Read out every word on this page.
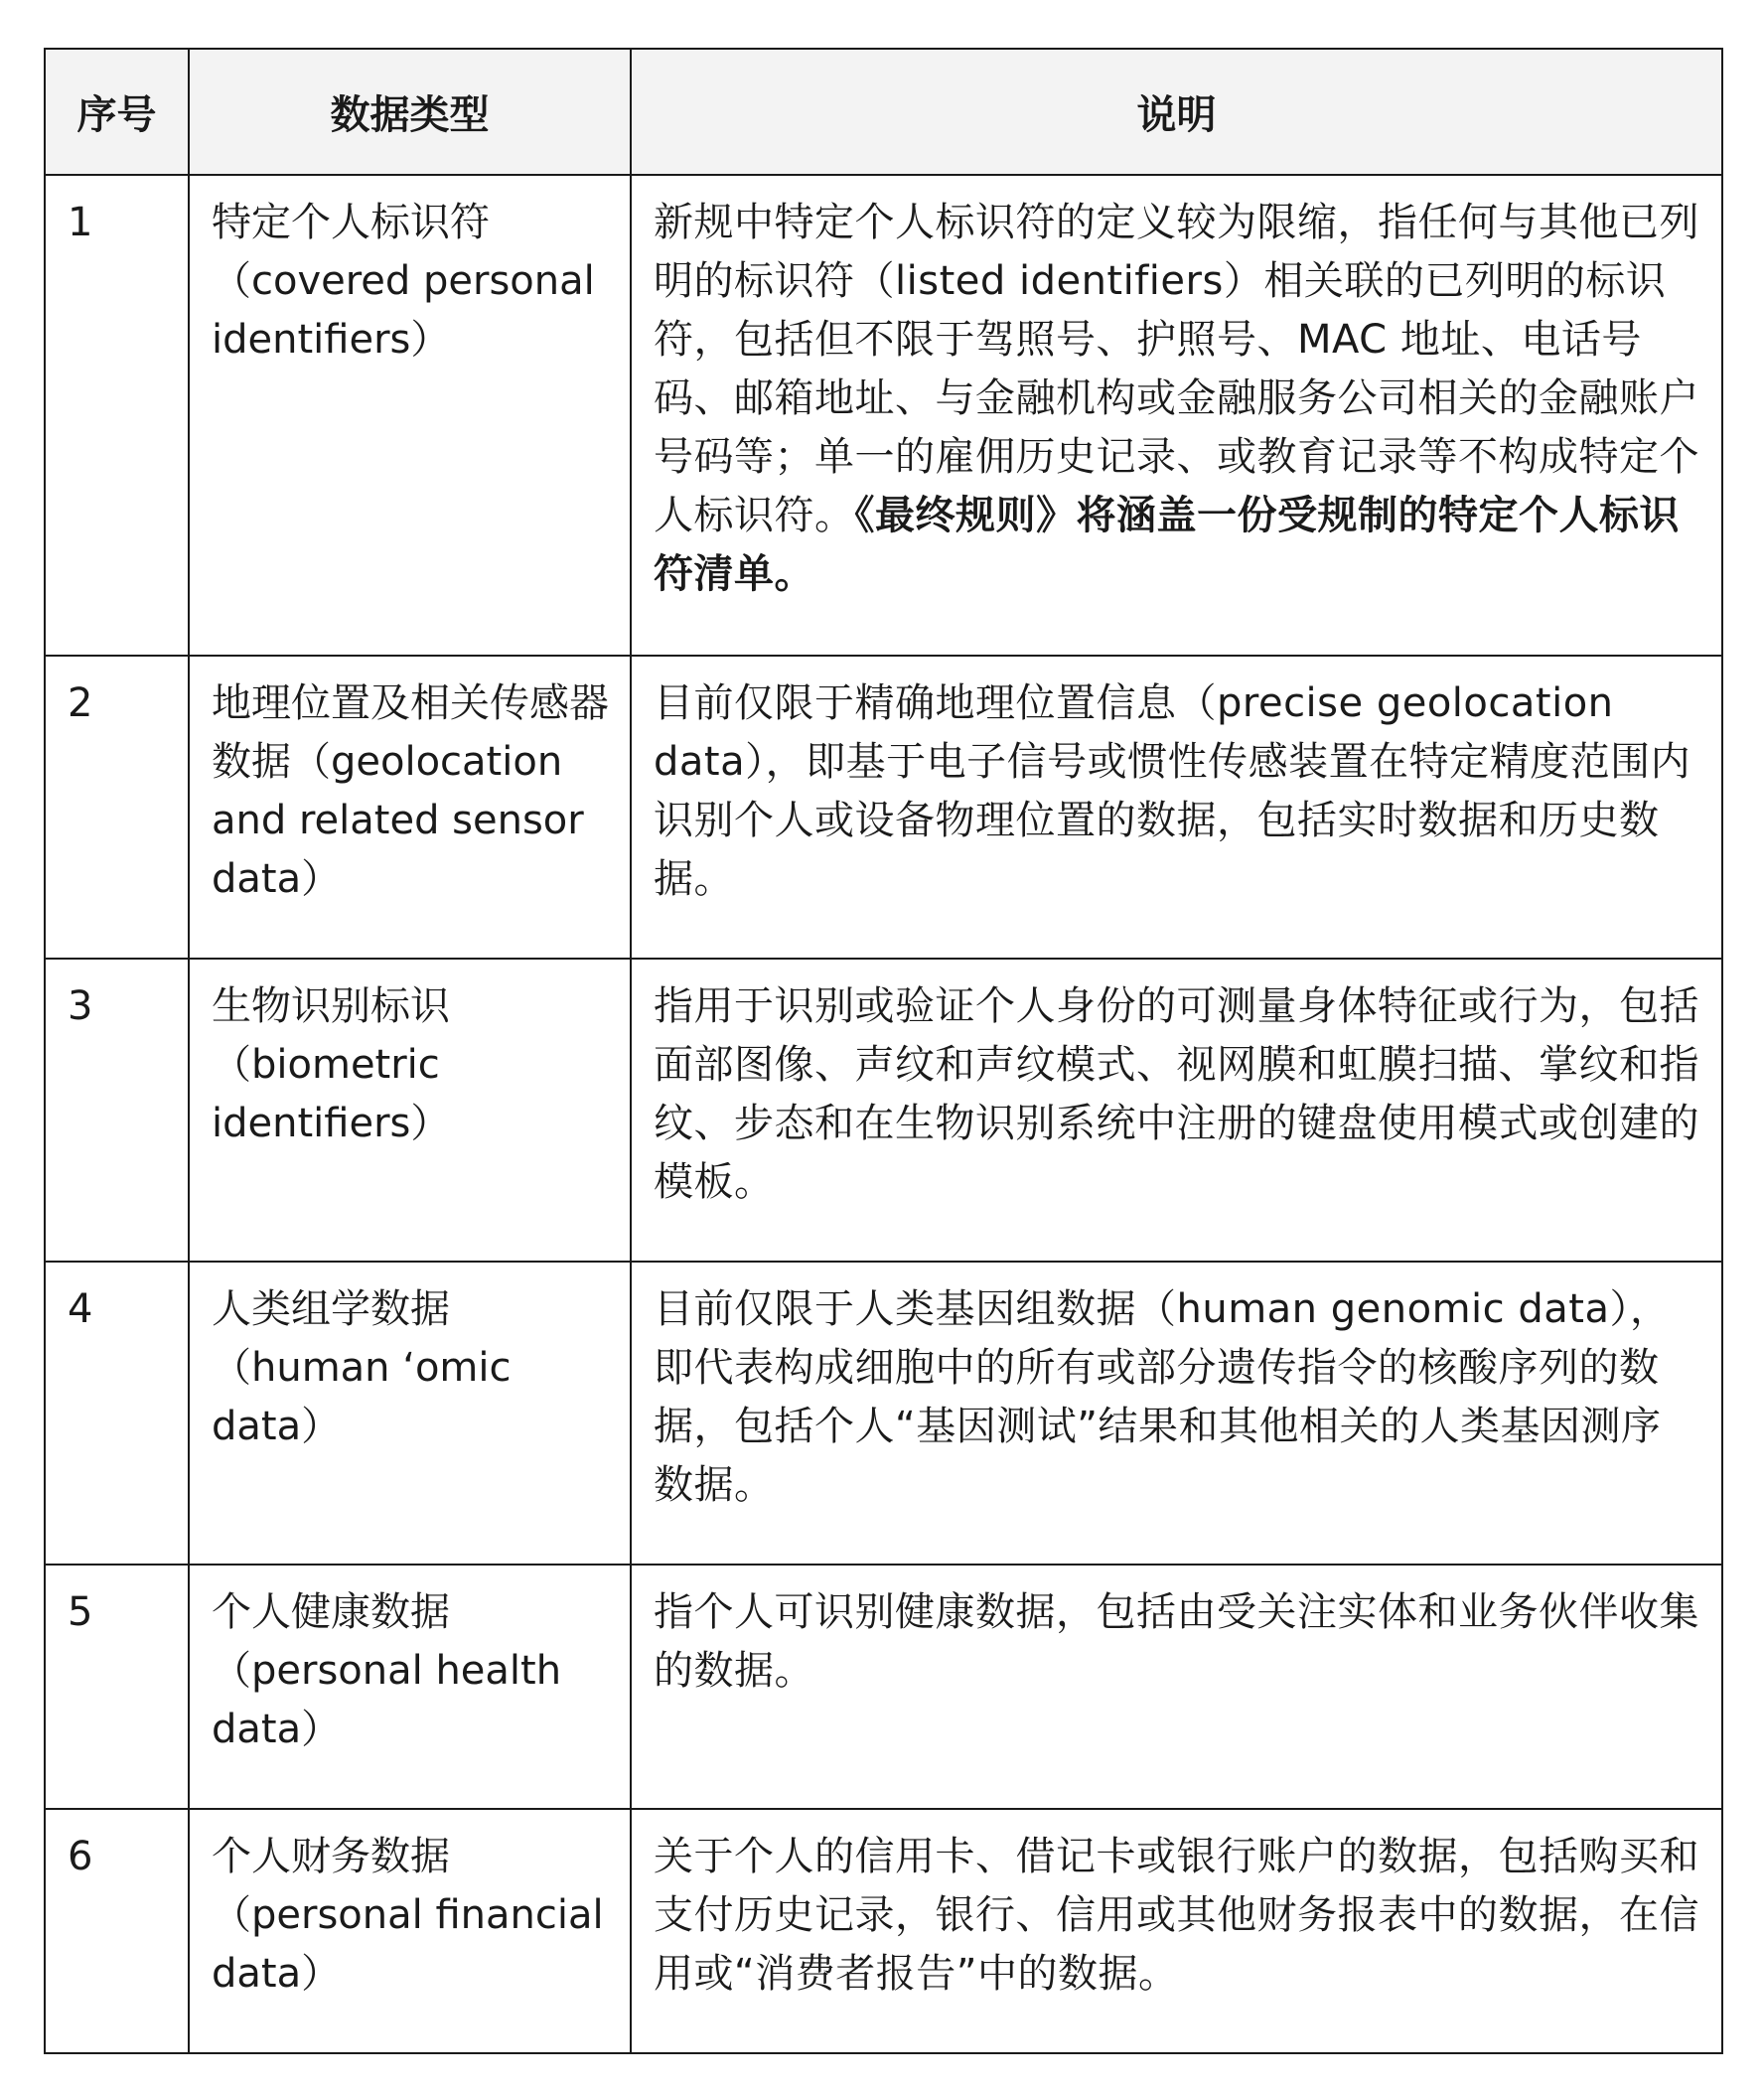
序号	数据类型	说明
1	特定个人标识符（covered personal identifiers）	新规中特定个人标识符的定义较为限缩，指任何与其他已列明的标识符（listed identifiers）相关联的已列明的标识符，包括但不限于驾照号、护照号、MAC 地址、电话号码、邮箱地址、与金融机构或金融服务公司相关的金融账户号码等；单一的雇佣历史记录、或教育记录等不构成特定个人标识符。《最终规则》将涵盖一份受规制的特定个人标识符清单。
2	地理位置及相关传感器数据（geolocation and related sensor data）	目前仅限于精确地理位置信息（precise geolocation data），即基于电子信号或惯性传感装置在特定精度范围内识别个人或设备物理位置的数据，包括实时数据和历史数据。
3	生物识别标识（biometric identifiers）	指用于识别或验证个人身份的可测量身体特征或行为，包括面部图像、声纹和声纹模式、视网膜和虹膜扫描、掌纹和指纹、步态和在生物识别系统中注册的键盘使用模式或创建的模板。
4	人类组学数据（human ‘omic data）	目前仅限于人类基因组数据（human genomic data），即代表构成细胞中的所有或部分遗传指令的核酸序列的数据，包括个人“基因测试”结果和其他相关的人类基因测序数据。
5	个人健康数据（personal health data）	指个人可识别健康数据，包括由受关注实体和业务伙伴收集的数据。
6	个人财务数据（personal financial data）	关于个人的信用卡、借记卡或银行账户的数据，包括购买和支付历史记录，银行、信用或其他财务报表中的数据，在信用或“消费者报告”中的数据。
